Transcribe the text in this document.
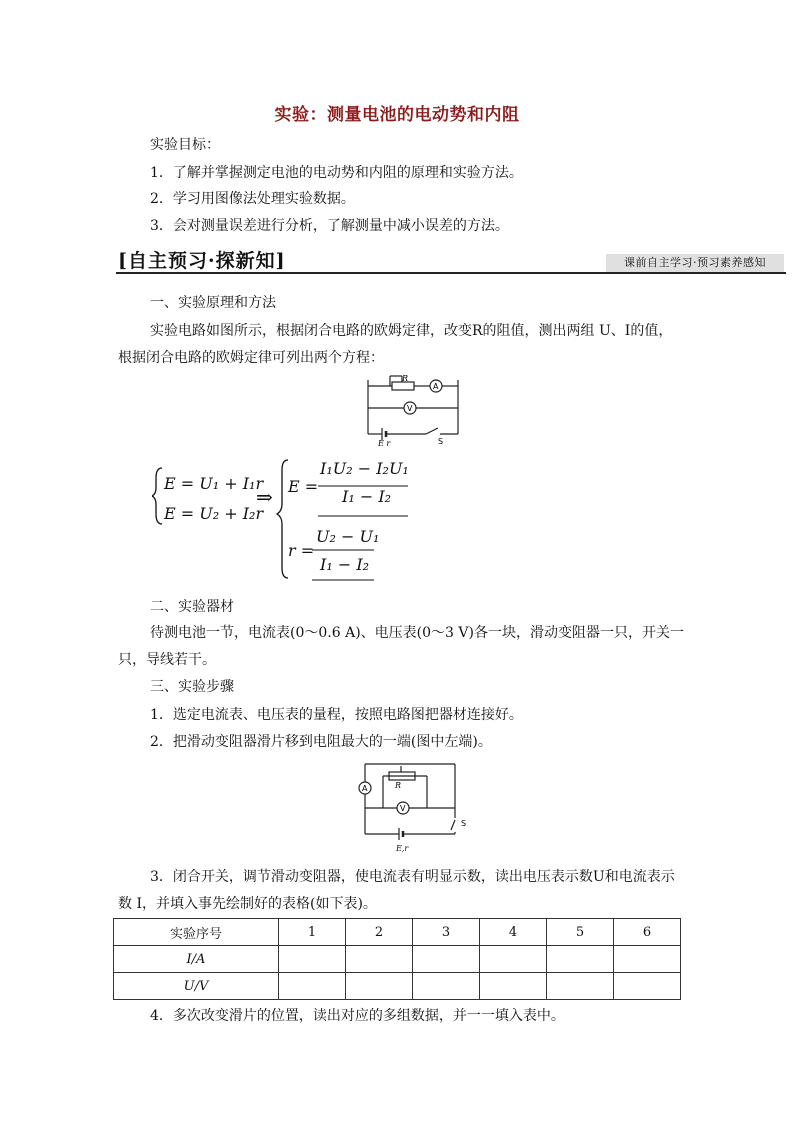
实验：测量电池的电动势和内阻
实验目标：
1．了解并掌握测定电池的电动势和内阻的原理和实验方法。
2．学习用图像法处理实验数据。
3．会对测量误差进行分析，了解测量中减小误差的方法。
[自主预习·探新知]	课前自主学习·预习素养感知
一、实验原理和方法
实验电路如图所示，根据闭合电路的欧姆定律，改变R的阻值，测出两组 U、I的值，
根据闭合电路的欧姆定律可列出两个方程：
R
A
V
E r	S
E = U₁ + I₁r
E = U₂ + I₂r
⇒ E =
I₁U₂ − I₂U₁
I₁ − I₂
r =
U₂ − U₁
I₁ − I₂
二、实验器材
待测电池一节，电流表(0～0.6 A)、电压表(0～3 V)各一块，滑动变阻器一只，开关一
只，导线若干。
三、实验步骤
1．选定电流表、电压表的量程，按照电路图把器材连接好。
2．把滑动变阻器滑片移到电阻最大的一端(图中左端)。
A	R
V
S
E,r
3．闭合开关，调节滑动变阻器，使电流表有明显示数，读出电压表示数U和电流表示
数 I，并填入事先绘制好的表格(如下表)。
实验序号	1	2	3	4	5	6
I/A						
U/V						
4．多次改变滑片的位置，读出对应的多组数据，并一一填入表中。
